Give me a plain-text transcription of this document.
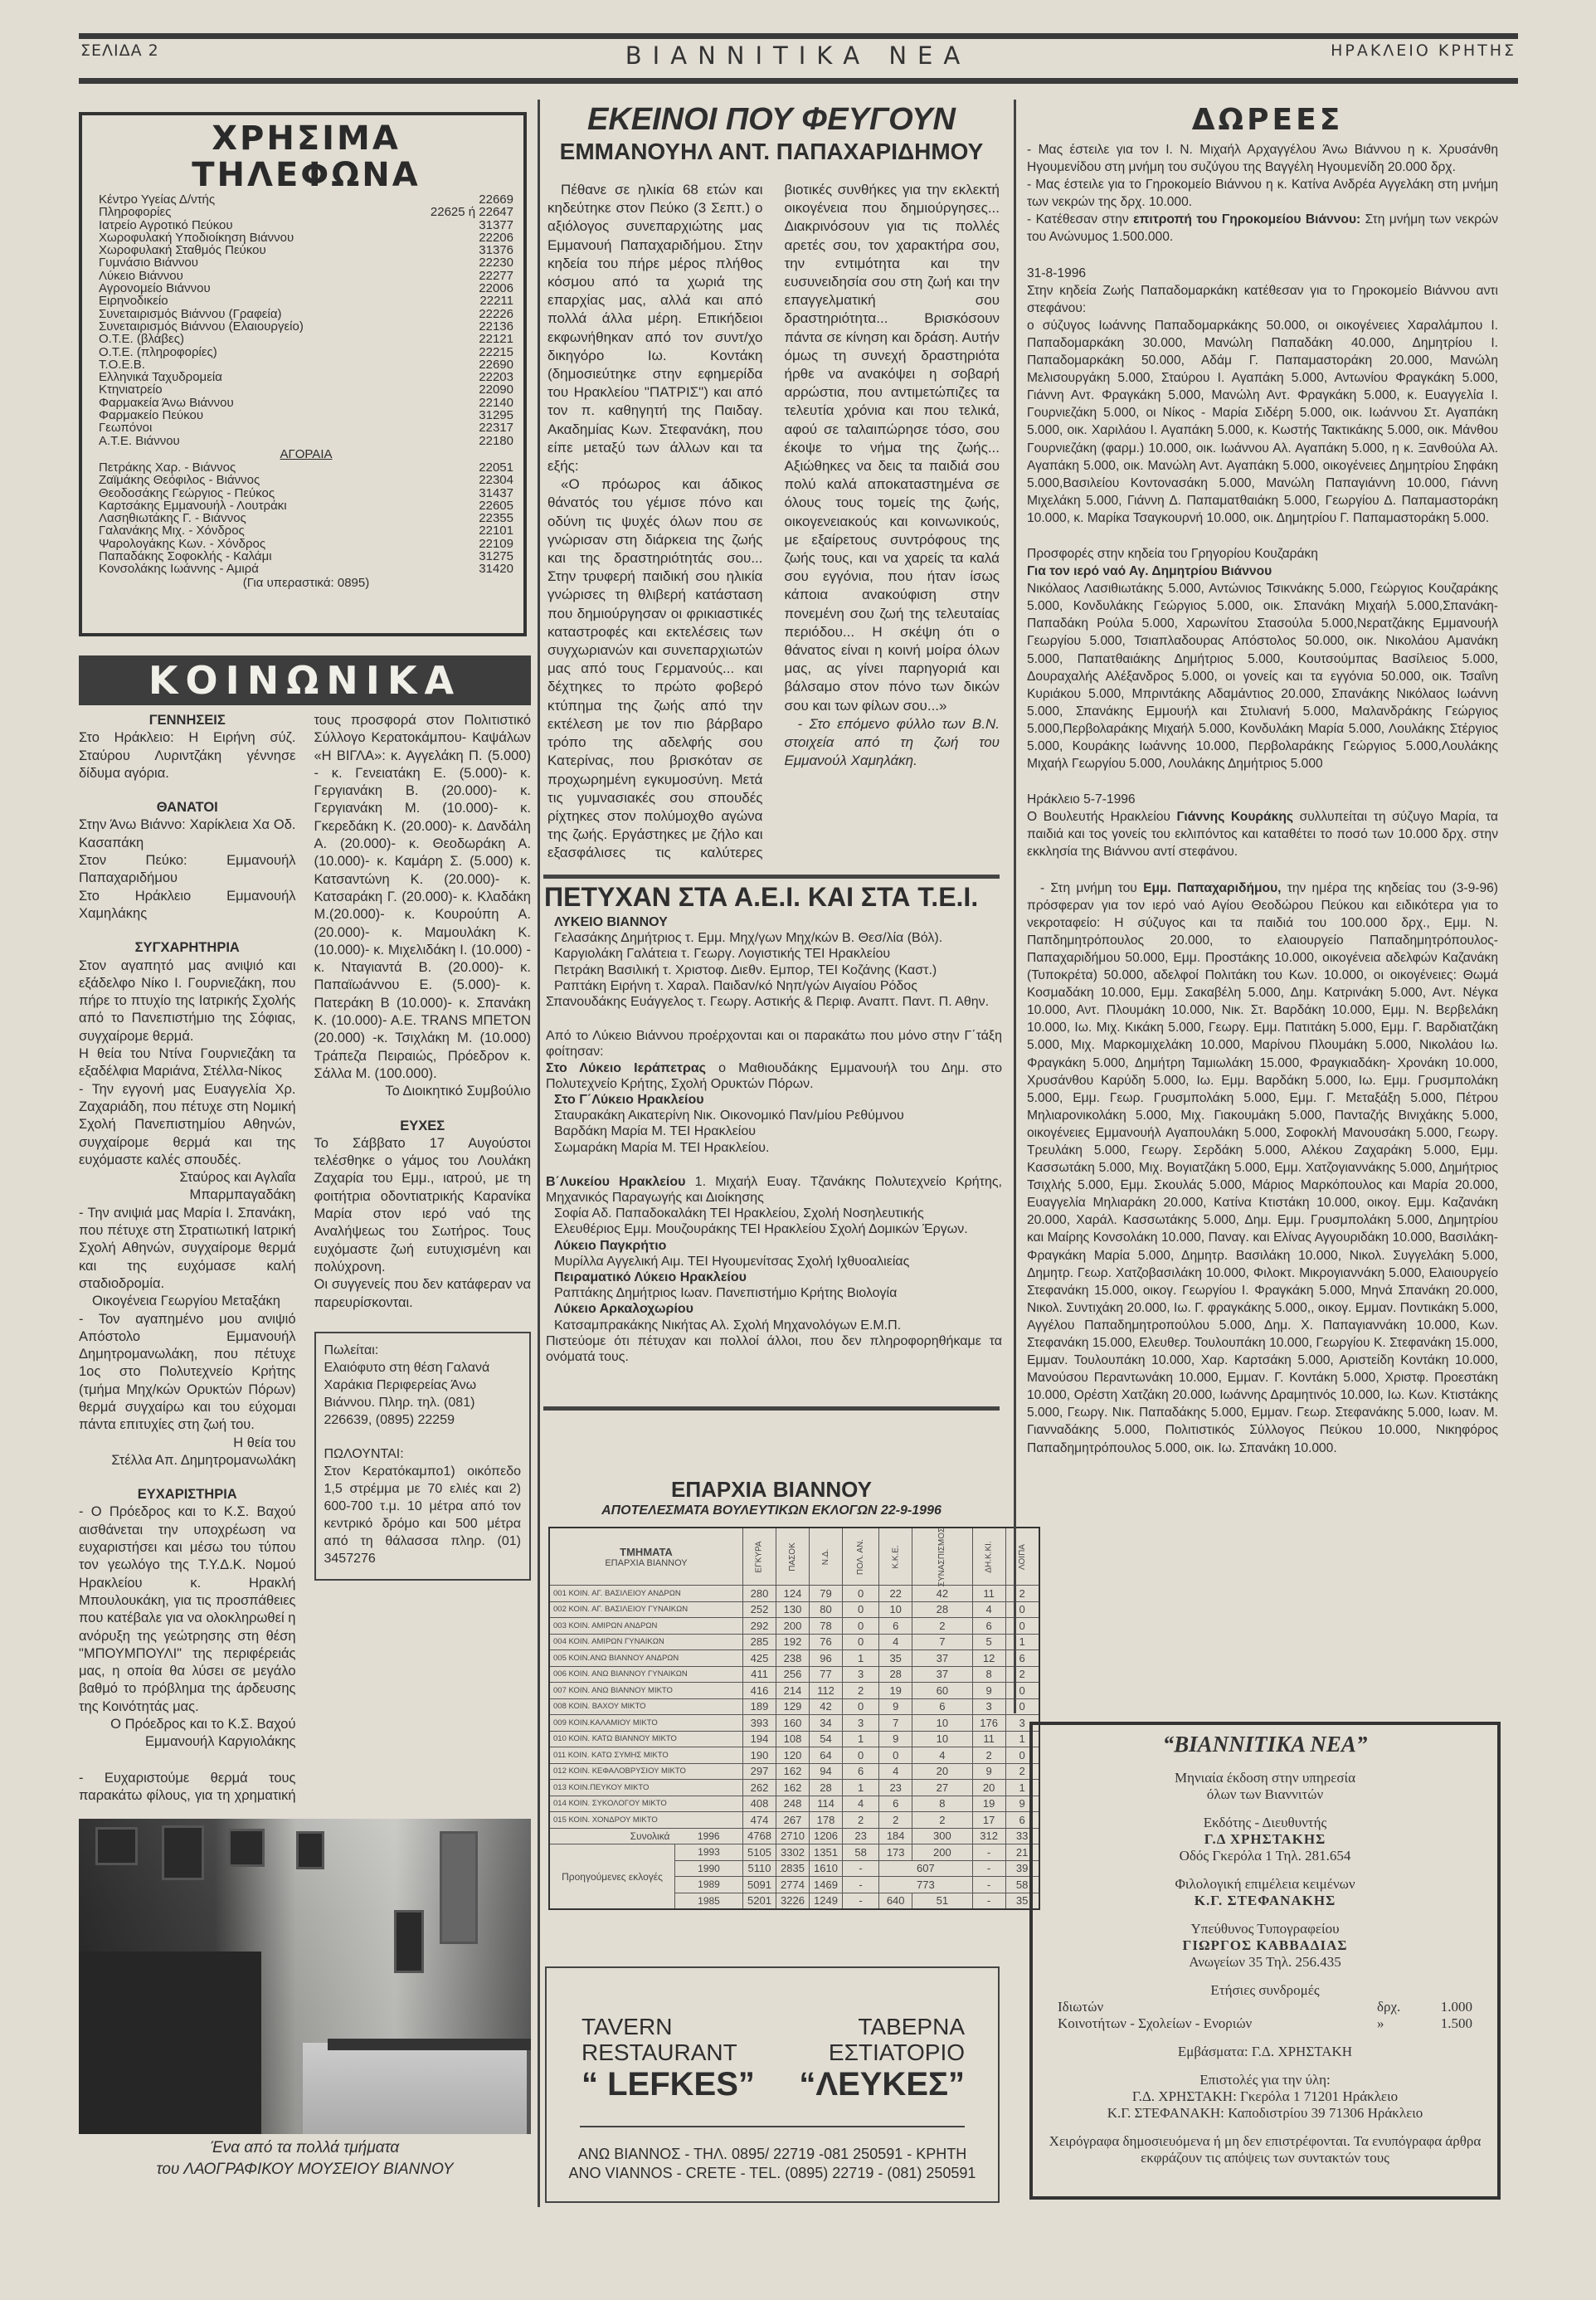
ΣΕΛΙΔΑ 2	ΒΙΑΝΝΙΤΙΚΑ ΝΕΑ	ΗΡΑΚΛΕΙΟ ΚΡΗΤΗΣ
ΧΡΗΣΙΜΑ ΤΗΛΕΦΩΝΑ
Κέντρο Υγείας Δ/ντής	22669
Πληροφορίες	22625 ή 22647
Ιατρείο Αγροτικό Πεύκου	31377
Χωροφυλακή Υποδιοίκηση Βιάννου	22206
Χωροφυλακή Σταθμός Πεύκου	31376
Γυμνάσιο Βιάννου	22230
Λύκειο Βιάννου	22277
Αγρονομείο Βιάννου	22006
Ειρηνοδικείο	22211
Συνεταιρισμός Βιάννου (Γραφεία)	22226
Συνεταιρισμός Βιάννου (Ελαιουργείο)	22136
Ο.Τ.Ε. (βλάβες)	22121
Ο.Τ.Ε. (πληροφορίες)	22215
Τ.Ο.Ε.Β.	22690
Ελληνικά Ταχυδρομεία	22203
Κτηνιατρείο	22090
Φαρμακεία Άνω Βιάννου	22140
Φαρμακείο Πεύκου	31295
Γεωπόνοι	22317
Α.Τ.Ε. Βιάννου	22180
ΑΓΟΡΑΙΑ
Πετράκης Χαρ. - Βιάννος	22051
Ζαϊμάκης Θεόφιλος - Βιάννος	22304
Θεοδοσάκης Γεώργιος - Πεύκος	31437
Καρτσάκης Εμμανουήλ - Λουτράκι	22605
Λασηθιωτάκης Γ. - Βιάννος	22355
Γαλανάκης Μιχ. - Χόνδρος	22101
Ψαρολογάκης Κων. - Χόνδρος	22109
Παπαδάκης Σοφοκλής - Καλάμι	31275
Κονσολάκης Ιωάννης - Αμιρά	31420
(Για υπεραστικά: 0895)
ΚΟΙΝΩΝΙΚΑ

ΓΕΝΝΗΣΕΙΣ

Στο Ηράκλειο: Η Ειρήνη σύζ. Σταύρου Λυριντζάκη γέννησε δίδυμα αγόρια.

ΘΑΝΑΤΟΙ

Στην Άνω Βιάννο: Χαρίκλεια Χα Οδ. Κασαπάκη

Στον Πεύκο: Εμμανουήλ Παπαχαριδήμου

Στο Ηράκλειο Εμμανουήλ Χαμηλάκης

ΣΥΓΧΑΡΗΤΗΡΙΑ

Στον αγαπητό μας ανιψιό και εξάδελφο Νίκο Ι. Γουρνιεζάκη, που πήρε το πτυχίο της Ιατρικής Σχολής από το Πανεπιστήμιο της Σόφιας, συγχαίρομε θερμά.

Η θεία του Ντίνα Γουρνιεζάκη τα εξαδέλφια Μαριάνα, Στέλλα-Νίκος

- Την εγγονή μας Ευαγγελία Χρ. Ζαχαριάδη, που πέτυχε στη Νομική Σχολή Πανεπιστημίου Αθηνών, συγχαίρομε θερμά και της ευχόμαστε καλές σπουδές.

Σταύρος και Αγλαΐα

Μπαρμπαγαδάκη

- Την ανιψιά μας Μαρία Ι. Σπανάκη, που πέτυχε στη Στρατιωτική Ιατρική Σχολή Αθηνών, συγχαίρομε θερμά και της ευχόμασε καλή σταδιοδρομία.

Οικογένεια Γεωργίου Μεταξάκη

- Τον αγαπημένο μου ανιψιό Απόστολο Εμμανουήλ Δημητρομανωλάκη, που πέτυχε 1ος στο Πολυτεχνείο Κρήτης (τμήμα Μηχ/κών Ορυκτών Πόρων) θερμά συγχαίρω και του εύχομαι πάντα επιτυχίες στη ζωή του.

Η θεία του

Στέλλα Απ. Δημητρομανωλάκη

ΕΥΧΑΡΙΣΤΗΡΙΑ

- Ο Πρόεδρος και το Κ.Σ. Βαχού αισθάνεται την υποχρέωση να ευχαριστήσει και μέσω του τύπου τον γεωλόγο της Τ.Υ.Δ.Κ. Νομού Ηρακλείου κ. Ηρακλή Μπουλουκάκη, για τις προσπάθειες που κατέβαλε για να ολοκληρωθεί η ανόρυξη της γεώτρησης στη θέση "ΜΠΟΥΜΠΟΥΛΙ" της περιφέρειάς μας, η οποία θα λύσει σε μεγάλο βαθμό το πρόβλημα της άρδευσης της Κοινότητάς μας.

Ο Πρόεδρος και το Κ.Σ. Βαχού

Εμμανουήλ Καργιολάκης

- Ευχαριστούμε θερμά τους παρακάτω φίλους, για τη χρηματική τους προσφορά στον Πολιτιστικό Σύλλογο Κερατοκάμπου- Καψάλων «Η ΒΙΓΛΑ»: κ. Αγγελάκη Π. (5.000) - κ. Γενειατάκη Ε. (5.000)- κ. Γεργιανάκη Β. (20.000)- κ. Γεργιανάκη Μ. (10.000)- κ. Γκερεδάκη Κ. (20.000)- κ. Δανδάλη Α. (20.000)- κ. Θεοδωράκη Α. (10.000)- κ. Καμάρη Σ. (5.000) κ. Κατσαντώνη Κ. (20.000)- κ. Κατσαράκη Γ. (20.000)- κ. Κλαδάκη Μ.(20.000)- κ. Κουρούπη Α. (20.000)- κ. Μαμουλάκη Κ. (10.000)- κ. Μιχελιδάκη Ι. (10.000) - κ. Νταγιαντά Β. (20.000)- κ. Παπαϊωάννου Ε. (5.000)- κ. Πατεράκη Β (10.000)- κ. Σπανάκη Κ. (10.000)- Α.Ε. TRANS ΜΠΕΤΟΝ (20.000) -κ. Τσιχλάκη Μ. (10.000) Τράπεζα Πειραιώς, Πρόεδρον κ. Σάλλα Μ. (100.000).

Το Διοικητικό Συμβούλιο

ΕΥΧΕΣ

Το Σάββατο 17 Αυγούστοι τελέσθηκε ο γάμος του Λουλάκη Ζαχαρία του Εμμ., ιατρού, με τη φοιτήτρια οδοντιατρικής Καρανίκα Μαρία στον ιερό ναό της Αναλήψεως του Σωτήρος. Τους ευχόμαστε ζωή ευτυχισμένη και πολύχρονη.

Οι συγγενείς που δεν κατάφεραν να παρευρίσκονται.

Πωλείται:

Ελαιόφυτο στη θέση Γαλανά Χαράκια Περιφερείας Άνω Βιάννου. Πληρ. τηλ. (081) 226639, (0895) 22259

ΠΩΛΟΥΝΤΑΙ:

Στον Κερατόκαμπο1) οικόπεδο 1,5 στρέμμα με 70 ελιές και 2) 600-700 τ.μ. 10 μέτρα από τον κεντρικό δρόμο και 500 μέτρα από τη θάλασσα πληρ. (01) 3457276

Ένα από τα πολλά τμήματα
του ΛΑΟΓΡΑΦΙΚΟΥ ΜΟΥΣΕΙΟΥ ΒΙΑΝΝΟΥ
ΕΚΕΙΝΟΙ ΠΟΥ ΦΕΥΓΟΥΝ
ΕΜΜΑΝΟΥΗΛ ΑΝΤ. ΠΑΠΑΧΑΡΙΔΗΜΟΥ

Πέθανε σε ηλικία 68 ετών και κηδεύτηκε στον Πεύκο (3 Σεπτ.) ο αξιόλογος συνεπαρχιώτης μας Εμμανουή Παπαχαριδήμου. Στην κηδεία του πήρε μέρος πλήθος κόσμου από τα χωριά της επαρχίας μας, αλλά και από πολλά άλλα μέρη. Επικήδειοι εκφωνήθηκαν από τον συντ/χο δικηγόρο Ιω. Κοντάκη (δημοσιεύτηκε στην εφημερίδα του Ηρακλείου "ΠΑΤΡΙΣ") και από τον π. καθηγητή της Παιδαγ. Ακαδημίας Κων. Στεφανάκη, που είπε μεταξύ των άλλων και τα εξής:

«Ο πρόωρος και άδικος θάνατός του γέμισε πόνο και οδύνη τις ψυχές όλων που σε γνώρισαν στη διάρκεια της ζωής και της δραστηριότητάς σου... Στην τρυφερή παιδική σου ηλικία γνώρισες τη θλιβερή κατάσταση που δημιούργησαν οι φρικιαστικές καταστροφές και εκτελέσεις των συγχωριανών και συνεπαρχιωτών μας από τους Γερμανούς... και δέχτηκες το πρώτο φοβερό κτύπημα της ζωής από την εκτέλεση με τον πιο βάρβαρο τρόπο της αδελφής σου Κατερίνας, που βρισκόταν σε προχωρημένη εγκυμοσύνη. Μετά τις γυμνασιακές σου σπουδές ρίχτηκες στον πολύμοχθο αγώνα της ζωής. Εργάστηκες με ζήλο και εξασφάλισες τις καλύτερες βιοτικές συνθήκες για την εκλεκτή οικογένεια που δημιούργησες... Διακρινόσουν για τις πολλές αρετές σου, τον χαρακτήρα σου, την εντιμότητα και την ευσυνειδησία σου στη ζωή και την επαγγελματική σου δραστηριότητα... Βρισκόσουν πάντα σε κίνηση και δράση. Αυτήν όμως τη συνεχή δραστηριότα ήρθε να ανακόψει η σοβαρή αρρώστια, που αντιμετώπιζες τα τελευτία χρόνια και που τελικά, αφού σε ταλαιπώρησε τόσο, σου έκοψε το νήμα της ζωής... Αξιώθηκες να δεις τα παιδιά σου πολύ καλά αποκαταστημένα σε όλους τους τομείς της ζωής, οικογενειακούς και κοινωνικούς, με εξαίρετους συντρόφους της ζωής τους, και να χαρείς τα καλά σου εγγόνια, που ήταν ίσως κάποια ανακούφιση στην πονεμένη σου ζωή της τελευταίας περιόδου... Η σκέψη ότι ο θάνατος είναι η κοινή μοίρα όλων μας, ας γίνει παρηγοριά και βάλσαμο στον πόνο των δικών σου και των φίλων σου...»

- Στο επόμενο φύλλο των Β.Ν. στοιχεία από τη ζωή του Εμμανούλ Χαμηλάκη.

ΠΕΤΥΧΑΝ ΣΤΑ Α.Ε.Ι. ΚΑΙ ΣΤΑ Τ.Ε.Ι.

ΛΥΚΕΙΟ ΒΙΑΝΝΟΥ

Γελασάκης Δημήτριος τ. Εμμ. Μηχ/γων Μηχ/κών Β. Θεσ/λία (Βόλ).

Καργιολάκη Γαλάτεια τ. Γεωργ. Λογιστικής ΤΕΙ Ηρακλείου

Πετράκη Βασιλική τ. Χριστοφ. Διεθν. Εμπορ, ΤΕΙ Κοζάνης (Καστ.)

Ραπτάκη Ειρήνη τ. Χαραλ. Παιδαν/κό Νηπ/γών Αιγαίου Ρόδος

Σπανουδάκης Ευάγγελος τ. Γεωργ. Αστικής & Περιφ. Αναπτ. Παντ. Π. Αθην.

Από το Λύκειο Βιάννου προέρχονται και οι παρακάτω που μόνο στην Γ΄τάξη φοίτησαν:

Στο Λύκειο Ιεράπετρας ο Μαθιουδάκης Εμμανουήλ του Δημ. στο Πολυτεχνείο Κρήτης, Σχολή Ορυκτών Πόρων.

Στο Γ΄Λύκειο Ηρακλείου

Σταυρακάκη Αικατερίνη Νικ. Οικονομικό Παν/μίου Ρεθύμνου

Βαρδάκη Μαρία Μ. ΤΕΙ Ηρακλείου

Σωμαράκη Μαρία Μ. ΤΕΙ Ηρακλείου.

Β΄Λυκείου Ηρακλείου 1. Μιχαήλ Ευαγ. Τζανάκης Πολυτεχνείο Κρήτης, Μηχανικός Παραγωγής και Διοίκησης

Σοφία Αδ. Παπαδοκαλάκη ΤΕΙ Ηρακλείου, Σχολή Νοσηλευτικής

Ελευθέριος Εμμ. Μουζουράκης ΤΕΙ Ηρακλείου Σχολή Δομικών Έργων.

Λύκειο Παγκρήτιο

Μυρίλλα Αγγελική Αιμ. ΤΕΙ Ηγουμενίτσας Σχολή Ιχθυοαλιείας

Πειραματικό Λύκειο Ηρακλείου

Ραπτάκης Δημήτριος Ιωαν. Πανεπιστήμιο Κρήτης Βιολογία

Λύκειο Αρκαλοχωρίου

Κατσαμπρακάκης Νικήτας Αλ. Σχολή Μηχανολόγων Ε.Μ.Π.

Πιστεύομε ότι πέτυχαν και πολλοί άλλοι, που δεν πληροφορηθήκαμε τα ονόματά τους.

ΕΠΑΡΧΙΑ ΒΙΑΝΝΟΥ
ΑΠΟΤΕΛΕΣΜΑΤΑ ΒΟΥΛΕΥΤΙΚΩΝ ΕΚΛΟΓΩΝ 22-9-1996
ΤΜΗΜΑΤΑ
ΕΠΑΡΧΙΑ ΒΙΑΝΝΟΥ		ΕΓΚΥΡΑ	ΠΑΣΟΚ	Ν.Δ.	ΠΟΛ. ΑΝ.	Κ.Κ.Ε.	ΣΥΝΑΣΠΙΣΜΟΣ	ΔΗ.Κ.ΚΙ.	ΛΟΙΠΑ
001 ΚΟΙΝ. ΑΓ. ΒΑΣΙΛΕΙΟΥ ΑΝΔΡΩΝ		280	124	79	0	22	42	11	2
002 ΚΟΙΝ. ΑΓ. ΒΑΣΙΛΕΙΟΥ ΓΥΝΑΙΚΩΝ		252	130	80	0	10	28	4	0
003 ΚΟΙΝ. ΑΜΙΡΩΝ ΑΝΔΡΩΝ		292	200	78	0	6	2	6	0
004 ΚΟΙΝ. ΑΜΙΡΩΝ ΓΥΝΑΙΚΩΝ		285	192	76	0	4	7	5	1
005 ΚΟΙΝ.ΑΝΩ ΒΙΑΝΝΟΥ ΑΝΔΡΩΝ		425	238	96	1	35	37	12	6
006 ΚΟΙΝ. ΑΝΩ ΒΙΑΝΝΟΥ ΓΥΝΑΙΚΩΝ		411	256	77	3	28	37	8	2
007 ΚΟΙΝ. ΑΝΩ ΒΙΑΝΝΟΥ ΜΙΚΤΟ		416	214	112	2	19	60	9	0
008 ΚΟΙΝ. ΒΑΧΟΥ ΜΙΚΤΟ		189	129	42	0	9	6	3	0
009 ΚΟΙΝ.ΚΑΛΑΜΙΟΥ ΜΙΚΤΟ		393	160	34	3	7	10	176	3
010 ΚΟΙΝ. ΚΑΤΩ ΒΙΑΝΝΟΥ ΜΙΚΤΟ		194	108	54	1	9	10	11	1
011 ΚΟΙΝ. ΚΑΤΩ ΣΥΜΗΣ ΜΙΚΤΟ		190	120	64	0	0	4	2	0
012 ΚΟΙΝ. ΚΕΦΑΛΟΒΡΥΣΙΟΥ ΜΙΚΤΟ		297	162	94	6	4	20	9	2
013 ΚΟΙΝ.ΠΕΥΚΟΥ ΜΙΚΤΟ		262	162	28	1	23	27	20	1
014 ΚΟΙΝ. ΣΥΚΟΛΟΓΟΥ ΜΙΚΤΟ		408	248	114	4	6	8	19	9
015 ΚΟΙΝ. ΧΟΝΔΡΟΥ ΜΙΚΤΟ		474	267	178	2	2	2	17	6
Συνολικά	1996	4768	2710	1206	23	184	300	312	33
Προηγούμενες εκλογές	1993	5105	3302	1351	58	173	200	-	21
	1990	5110	2835	1610	-	607		-	39
	1989	5091	2774	1469	-	773		-	58
	1985	5201	3226	1249	-	640	51	-	35
TAVERN
RESTAURANT
“ LEFKES”
ΤΑΒΕΡΝΑ
ΕΣΤΙΑΤΟΡΙΟ
“ΛΕΥΚΕΣ”
ΑΝΩ ΒΙΑΝΝΟΣ - ΤΗΛ. 0895/ 22719 -081 250591 - ΚΡΗΤΗ
ΑΝΟ VIANNOS - CRETE - TEL. (0895) 22719 - (081) 250591
ΔΩΡΕΕΣ

- Μας έστειλε για τον Ι. Ν. Μιχαήλ Αρχαγγέλου Άνω Βιάννου η κ. Χρυσάνθη Ηγουμενίδου στη μνήμη του συζύγου της Βαγγέλη Ηγουμενίδη 20.000 δρχ.

- Μας έστειλε για το Γηροκομείο Βιάννου η κ. Κατίνα Ανδρέα Αγγελάκη στη μνήμη των νεκρών της δρχ. 10.000.

- Κατέθεσαν στην επιτροπή του Γηροκομείου Βιάννου: Στη μνήμη των νεκρών του Ανώνυμος 1.500.000.

31-8-1996

Στην κηδεία Ζωής Παπαδομαρκάκη κατέθεσαν για το Γηροκομείο Βιάννου αντι στεφάνου:

ο σύζυγος Ιωάννης Παπαδομαρκάκης 50.000, οι οικογένειες Χαραλάμπου Ι. Παπαδομαρκάκη 30.000, Μανώλη Παπαδάκη 40.000, Δημητρίου Ι. Παπαδομαρκάκη 50.000, Αδάμ Γ. Παπαμαστοράκη 20.000, Μανώλη Μελισουργάκη 5.000, Σταύρου Ι. Αγαπάκη 5.000, Αντωνίου Φραγκάκη 5.000, Γιάννη Αντ. Φραγκάκη 5.000, Μανώλη Αντ. Φραγκάκη 5.000, κ. Ευαγγελία Ι. Γουρνιεζάκη 5.000, οι Νίκος - Μαρία Σιδέρη 5.000, οικ. Ιωάννου Στ. Αγαπάκη 5.000, οικ. Χαριλάου Ι. Αγαπάκη 5.000, κ. Κωστής Τακτικάκης 5.000, οικ. Μάνθου Γουρνιεζάκη (φαρμ.) 10.000, οικ. Ιωάννου Αλ. Αγαπάκη 5.000, η κ. Ξανθούλα Αλ. Αγαπάκη 5.000, οικ. Μανώλη Αντ. Αγαπάκη 5.000, οικογένειες Δημητρίου Σηφάκη 5.000,Βασιλείου Κοντονασάκη 5.000, Μανώλη Παπαγιάννη 10.000, Γιάννη Μιχελάκη 5.000, Γιάννη Δ. Παπαματθαιάκη 5.000, Γεωργίου Δ. Παπαμαστοράκη 10.000, κ. Μαρίκα Τσαγκουρνή 10.000, οικ. Δημητρίου Γ. Παπαμαστοράκη 5.000.

Προσφορές στην κηδεία του Γρηγορίου Κουζαράκη

Για τον ιερό ναό Αγ. Δημητρίου Βιάννου

Νικόλαος Λασιθιωτάκης 5.000, Αντώνιος Τσικνάκης 5.000, Γεώργιος Κουζαράκης 5.000, Κονδυλάκης Γεώργιος 5.000, οικ. Σπανάκη Μιχαήλ 5.000,Σπανάκη- Παπαδάκη Ρούλα 5.000, Χαρωνίτου Στασούλα 5.000,Νερατζάκης Εμμανουήλ Γεωργίου 5.000, Τσιαπλαδουρας Απόστολος 50.000, οικ. Νικολάου Αμανάκη 5.000, Παπατθαιάκης Δημήτριος 5.000, Κουτσούμπας Βασίλειος 5.000, Δουραχαλής Αλέξανδρος 5.000, οι γονείς και τα εγγόνια 50.000, οικ. Τσαΐνη Κυριάκου 5.000, Μπριντάκης Αδαμάντιος 20.000, Σπανάκης Νικόλαος Ιωάννη 5.000, Σπανάκης Εμμουήλ και Στυλιανή 5.000, Μαλανδράκης Γεώργιος 5.000,Περβολαράκης Μιχαήλ 5.000, Κονδυλάκη Μαρία 5.000, Λουλάκης Στέργιος 5.000, Κουράκης Ιωάννης 10.000, Περβολαράκης Γεώργιος 5.000,Λουλάκης Μιχαήλ Γεωργίου 5.000, Λουλάκης Δημήτριος 5.000

Ηράκλειο 5-7-1996

Ο Βουλευτής Ηρακλείου Γιάννης Κουράκης συλλυπείται τη σύζυγο Μαρία, τα παιδιά και τος γονείς του εκλιπόντος και καταθέτει το ποσό των 10.000 δρχ. στην εκκλησία της Βιάννου αντί στεφάνου.

- Στη μνήμη του Εμμ. Παπαχαριδήμου, την ημέρα της κηδείας του (3-9-96) πρόσφεραν για τον ιερό ναό Αγίου Θεοδώρου Πεύκου και ειδικότερα για το νεκροταφείο: Η σύζυγος και τα παιδιά του 100.000 δρχ., Εμμ. Ν. Παπδημητρόπουλος 20.000, το ελαιουργείο Παπαδημητρόπουλος- Παπαχαριδήμου 50.000, Εμμ. Προστάκης 10.000, οικογένεια αδελφών Καζανάκη (Τυποκρέτα) 50.000, αδελφοί Πολιτάκη του Κων. 10.000, οι οικογένειες: Θωμά Κοσμαδάκη 10.000, Εμμ. Σακαβέλη 5.000, Δημ. Κατρινάκη 5.000, Αντ. Νέγκα 10.000, Αντ. Πλουμάκη 10.000, Νικ. Στ. Βαρδάκη 10.000, Εμμ. Ν. Βερβελάκη 10.000, Ιω. Μιχ. Κικάκη 5.000, Γεωργ. Εμμ. Πατιτάκη 5.000, Εμμ. Γ. Βαρδιατζάκη 5.000, Μιχ. Μαρκομιχελάκη 10.000, Μαρίνου Πλουμάκη 5.000, Νικολάου Ιω. Φραγκάκη 5.000, Δημήτρη Ταμιωλάκη 15.000, Φραγκιαδάκη- Χρονάκη 10.000, Χρυσάνθου Καρύδη 5.000, Ιω. Εμμ. Βαρδάκη 5.000, Ιω. Εμμ. Γρυσμπολάκη 5.000, Εμμ. Γεωρ. Γρυσμπολάκη 5.000, Εμμ. Γ. Μεταξάξη 5.000, Πέτρου Μηλιαρονικολάκη 5.000, Μιχ. Γιακουμάκη 5.000, Πανταζής Βινιχάκης 5.000, οικογένειες Εμμανουήλ Αγαπουλάκη 5.000, Σοφοκλή Μανουσάκη 5.000, Γεωργ. Τρευλάκη 5.000, Γεωργ. Σερδάκη 5.000, Αλέκου Ζαχαράκη 5.000, Εμμ. Κασσωτάκη 5.000, Μιχ. Βογιατζάκη 5.000, Εμμ. Χατζογιαννάκης 5.000, Δημήτριος Τσιχλής 5.000, Εμμ. Σκουλάς 5.000, Μάριος Μαρκόπουλος και Μαρία 20.000, Ευαγγελία Μηλιαράκη 20.000, Κατίνα Κτιστάκη 10.000, οικογ. Εμμ. Καζανάκη 20.000, Χαράλ. Κασσωτάκης 5.000, Δημ. Εμμ. Γρυσμπολάκη 5.000, Δημητρίου και Μαίρης Κονσολάκη 10.000, Παναγ. και Ελίνας Αγγουριδάκη 10.000, Βασιλάκη- Φραγκάκη Μαρία 5.000, Δημητρ. Βασιλάκη 10.000, Νικολ. Συγγελάκη 5.000, Δημητρ. Γεωρ. Χατζοβασιλάκη 10.000, Φιλοκτ. Μικρογιαννάκη 5.000, Ελαιουργείο Στεφανάκη 15.000, οικογ. Γεωργίου Ι. Φραγκάκη 5.000, Μηνά Σπανάκη 20.000, Νικολ. Συντιχάκη 20.000, Ιω. Γ. φραγκάκης 5.000,, οικογ. Εμμαν. Ποντικάκη 5.000, Αγγέλου Παπαδημητροπούλου 5.000, Δημ. Χ. Παπαγιαννάκη 10.000, Κων. Στεφανάκη 15.000, Ελευθερ. Τουλουπάκη 10.000, Γεωργίου Κ. Στεφανάκη 15.000, Εμμαν. Τουλουπάκη 10.000, Χαρ. Καρτσάκη 5.000, Αριστείδη Κοντάκη 10.000, Μανούσου Περαντωνάκη 10.000, Εμμαν. Γ. Κοντάκη 5.000, Χριστφ. Προεστάκη 10.000, Ορέστη Χατζάκη 20.000, Ιωάννης Δραμητινός 10.000, Ιω. Κων. Κτιστάκης 5.000, Γεωργ. Νικ. Παπαδάκης 5.000, Εμμαν. Γεωρ. Στεφανάκης 5.000, Ιωαν. Μ. Γιανναδάκης 5.000, Πολιτιστικός Σύλλογος Πεύκου 10.000, Νικηφόρος Παπαδημητρόπουλος 5.000, οικ. Ιω. Σπανάκη 10.000.

“ΒΙΑΝΝΙΤΙΚΑ ΝΕΑ”
Μηνιαία έκδοση στην υπηρεσία
όλων των Βιαννιτών
Εκδότης - Διευθυντής
Γ.Δ ΧΡΗΣΤΑΚΗΣ
Οδός Γκερόλα 1 Τηλ. 281.654
Φιλολογική επιμέλεια κειμένων
Κ.Γ. ΣΤΕΦΑΝΑΚΗΣ
Υπεύθυνος Τυπογραφείου
ΓΙΩΡΓΟΣ ΚΑΒΒΑΔΙΑΣ
Ανωγείων 35 Τηλ. 256.435
Ετήσιες συνδρομές
Ιδιωτών	δρχ.	1.000
Κοινοτήτων - Σχολείων - Ενοριών	»	1.500
Εμβάσματα: Γ.Δ. ΧΡΗΣΤΑΚΗ
Επιστολές για την ύλη:
Γ.Δ. ΧΡΗΣΤΑΚΗ: Γκερόλα 1 71201 Ηράκλειο
Κ.Γ. ΣΤΕΦΑΝΑΚΗ: Καποδιστρίου 39 71306 Ηράκλειο
Χειρόγραφα δημοσιευόμενα ή μη δεν επιστρέφονται. Τα ενυπόγραφα άρθρα εκφράζουν τις απόψεις των συντακτών τους
